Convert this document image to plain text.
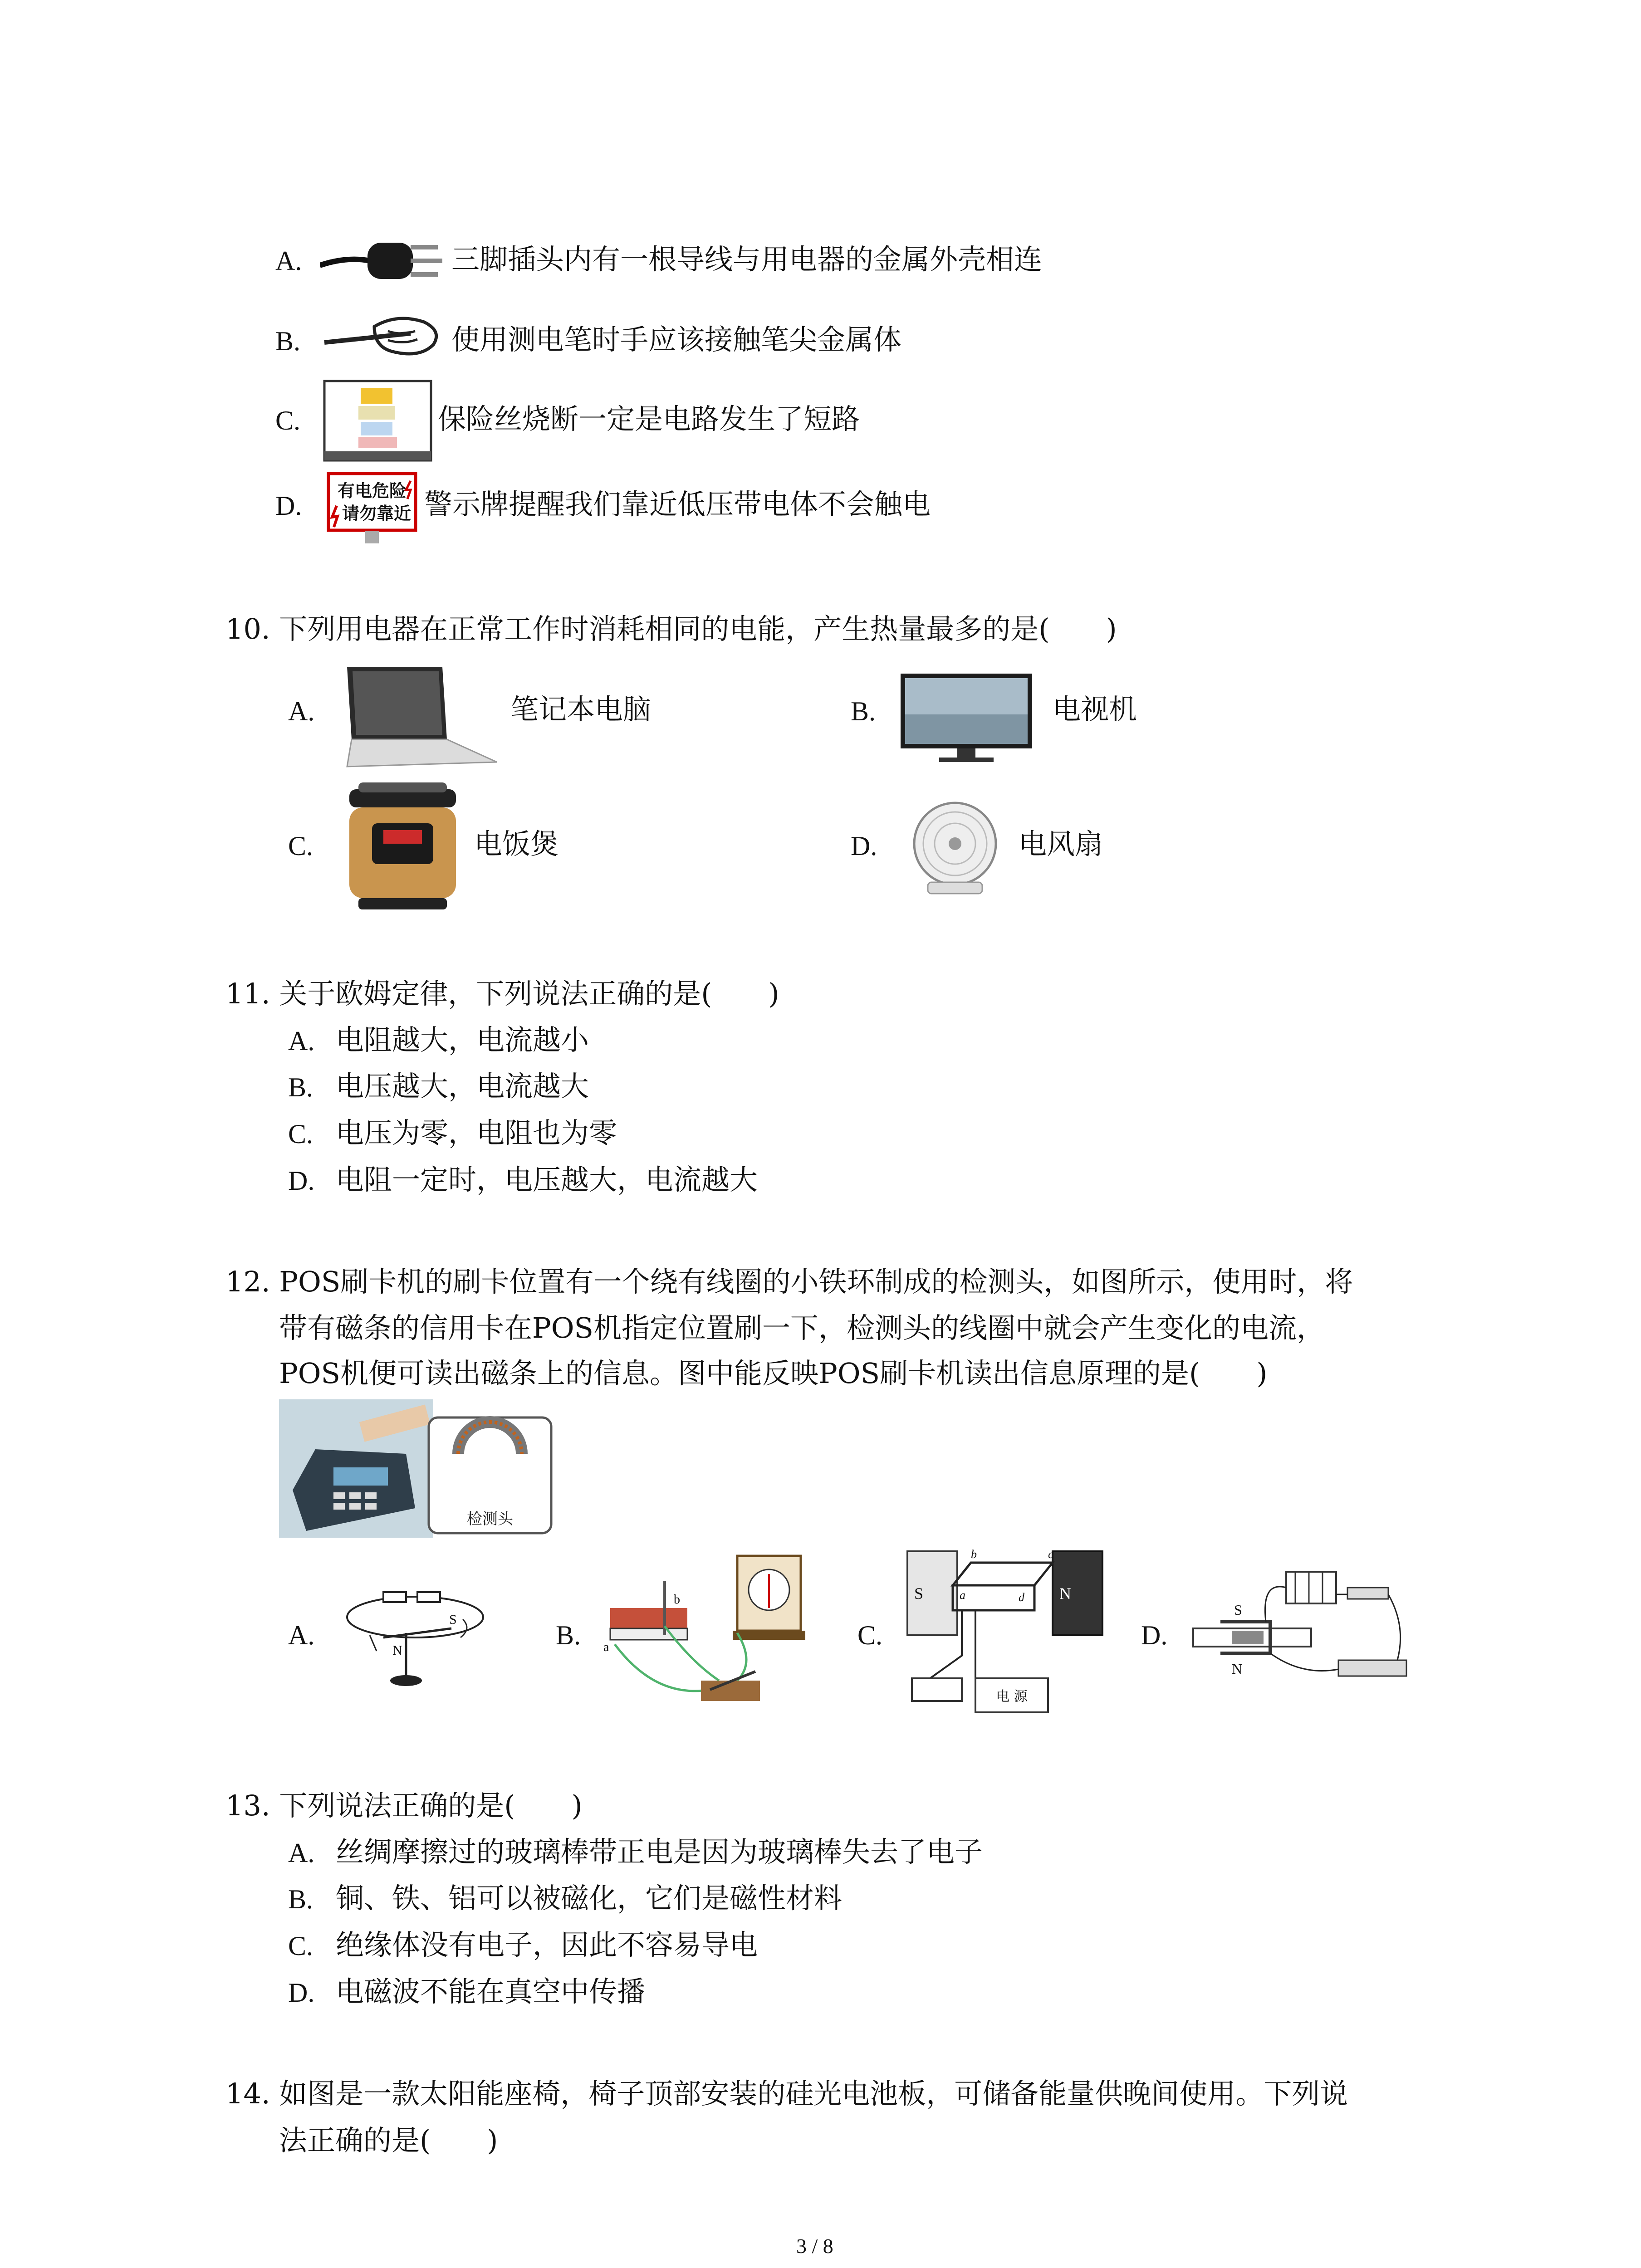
A.	三脚插头内有一根导线与用电器的金属外壳相连
B.	使用测电笔时手应该接触笔尖金属体
C.	保险丝烧断一定是电路发生了短路
D. 有电危险
请勿靠近 警示牌提醒我们靠近低压带电体不会触电
10. 下列用电器在正常工作时消耗相同的电能，产生热量最多的是(　　)
A.	笔记本电脑	B.	电视机
C.	电饭煲	D.	电风扇
11. 关于欧姆定律，下列说法正确的是(　　)
A. 电阻越大，电流越小
B. 电压越大，电流越大
C. 电压为零，电阻也为零
D. 电阻一定时，电压越大，电流越大
12. POS刷卡机的刷卡位置有一个绕有线圈的小铁环制成的检测头，如图所示，使用时，将
带有磁条的信用卡在POS机指定位置刷一下，检测头的线圈中就会产生变化的电流，
POS机便可读出磁条上的信息。图中能反映POS刷卡机读出信息原理的是(　　)
检测头
A.
N
S
B. a
b
C.
S	N
a
b	c
d
电 源
D.
S
N
13. 下列说法正确的是(　　)
A. 丝绸摩擦过的玻璃棒带正电是因为玻璃棒失去了电子
B. 铜、铁、铝可以被磁化，它们是磁性材料
C. 绝缘体没有电子，因此不容易导电
D. 电磁波不能在真空中传播
14. 如图是一款太阳能座椅，椅子顶部安装的硅光电池板，可储备能量供晚间使用。下列说
法正确的是(　　)
3 / 8
